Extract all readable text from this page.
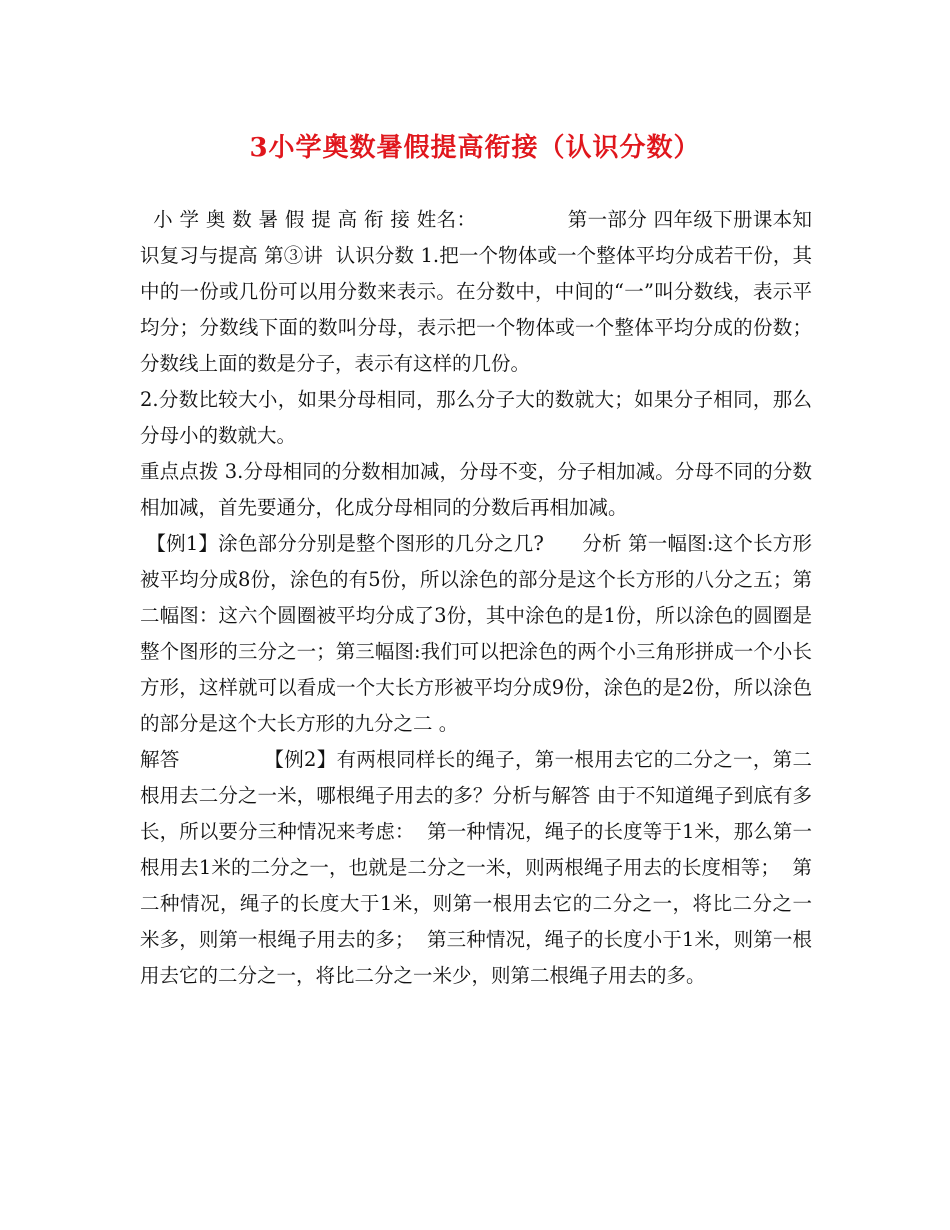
3小学奥数暑假提高衔接（认识分数）

小 学 奥 数 暑 假 提 高 衔 接 姓名：              第一部分 四年级下册课本知识复习与提高 第③讲  认识分数 1.把一个物体或一个整体平均分成若干份，其中的一份或几份可以用分数来表示。在分数中，中间的“一”叫分数线，表示平均分；分数线下面的数叫分母，表示把一个物体或一个整体平均分成的份数；分数线上面的数是分子，表示有这样的几份。

2.分数比较大小，如果分母相同，那么分子大的数就大；如果分子相同，那么分母小的数就大。

重点点拨 3.分母相同的分数相加减，分母不变，分子相加减。分母不同的分数相加减，首先要通分，化成分母相同的分数后再相加减。

【例1】涂色部分分别是整个图形的几分之几?      分析 第一幅图:这个长方形被平均分成8份，涂色的有5份，所以涂色的部分是这个长方形的八分之五；第二幅图：这六个圆圈被平均分成了3份，其中涂色的是1份，所以涂色的圆圈是整个图形的三分之一；第三幅图:我们可以把涂色的两个小三角形拼成一个小长方形，这样就可以看成一个大长方形被平均分成9份，涂色的是2份，所以涂色的部分是这个大长方形的九分之二 。

解答             【例2】有两根同样长的绳子，第一根用去它的二分之一，第二根用去二分之一米，哪根绳子用去的多？分析与解答 由于不知道绳子到底有多长，所以要分三种情况来考虑：  第一种情况，绳子的长度等于1米，那么第一根用去1米的二分之一，也就是二分之一米，则两根绳子用去的长度相等；  第二种情况，绳子的长度大于1米，则第一根用去它的二分之一，将比二分之一米多，则第一根绳子用去的多；  第三种情况，绳子的长度小于1米，则第一根用去它的二分之一，将比二分之一米少，则第二根绳子用去的多。
